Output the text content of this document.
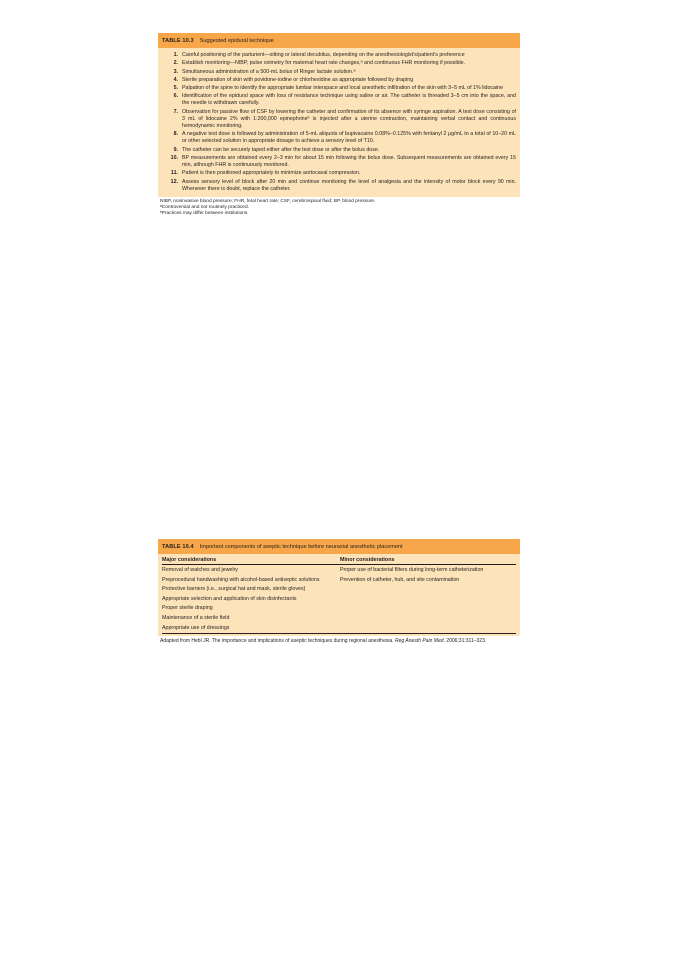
TABLE 10.3 Suggested epidural technique
1. Careful positioning of the parturient—sitting or lateral decubitus, depending on the anesthesiologist's/patient's preference
2. Establish monitoring—NIBP, pulse oximetry for maternal heart rate changes,ᵃ and continuous FHR monitoring if possible.
3. Simultaneous administration of a 500-mL bolus of Ringer lactate solution.ᵃ
4. Sterile preparation of skin with povidone-iodine or chlorhexidine as appropriate followed by draping
5. Palpation of the spine to identify the appropriate lumbar interspace and local anesthetic infiltration of the skin with 3–5 mL of 1% lidocaine
6. Identification of the epidural space with loss of resistance technique using saline or air. The catheter is threaded 3–5 cm into the space, and the needle is withdrawn carefully.
7. Observation for passive flow of CSF by lowering the catheter and confirmation of its absence with syringe aspiration. A test dose consisting of 3 mL of lidocaine 2% with 1:200,000 epinephrineᵇ is injected after a uterine contraction, maintaining verbal contact and continuous hemodynamic monitoring.
8. A negative test dose is followed by administration of 5-mL aliquots of bupivacaine 0.08%–0.125% with fentanyl 2 μg/mL to a total of 10–20 mL or other selected solution in appropriate dosage to achieve a sensory level of T10.
9. The catheter can be securely taped either after the test dose or after the bolus dose.
10. BP measurements are obtained every 2–3 min for about 15 min following the bolus dose. Subsequent measurements are obtained every 15 min, although FHR is continuously monitored.
11. Patient is then positioned appropriately to minimize aortocaval compression.
12. Assess sensory level of block after 20 min and continue monitoring the level of analgesia and the intensity of motor block every 90 min. Whenever there is doubt, replace the catheter.
NIBP, noninvasive blood pressure; FHR, fetal heart rate; CSF, cerebrospinal fluid; BP, blood pressure.
ᵃControversial and not routinely practiced.
ᵇPractices may differ between institutions.
TABLE 10.4 Important components of aseptic technique before neuraxial anesthetic placement
Major considerations	Minor considerations
Removal of watches and jewelry	Proper use of bacterial filters during long-term catheterization
Preprocedural handwashing with alcohol-based antiseptic solutions	Prevention of catheter, hub, and site contamination
Protective barriers (i.e., surgical hat and mask, sterile gloves)
Appropriate selection and application of skin disinfectants
Proper sterile draping
Maintenance of a sterile field
Appropriate use of dressings
Adapted from Hebl JR. The importance and implications of aseptic techniques during regional anesthesia. Reg Anesth Pain Med. 2006;31:311–323.
